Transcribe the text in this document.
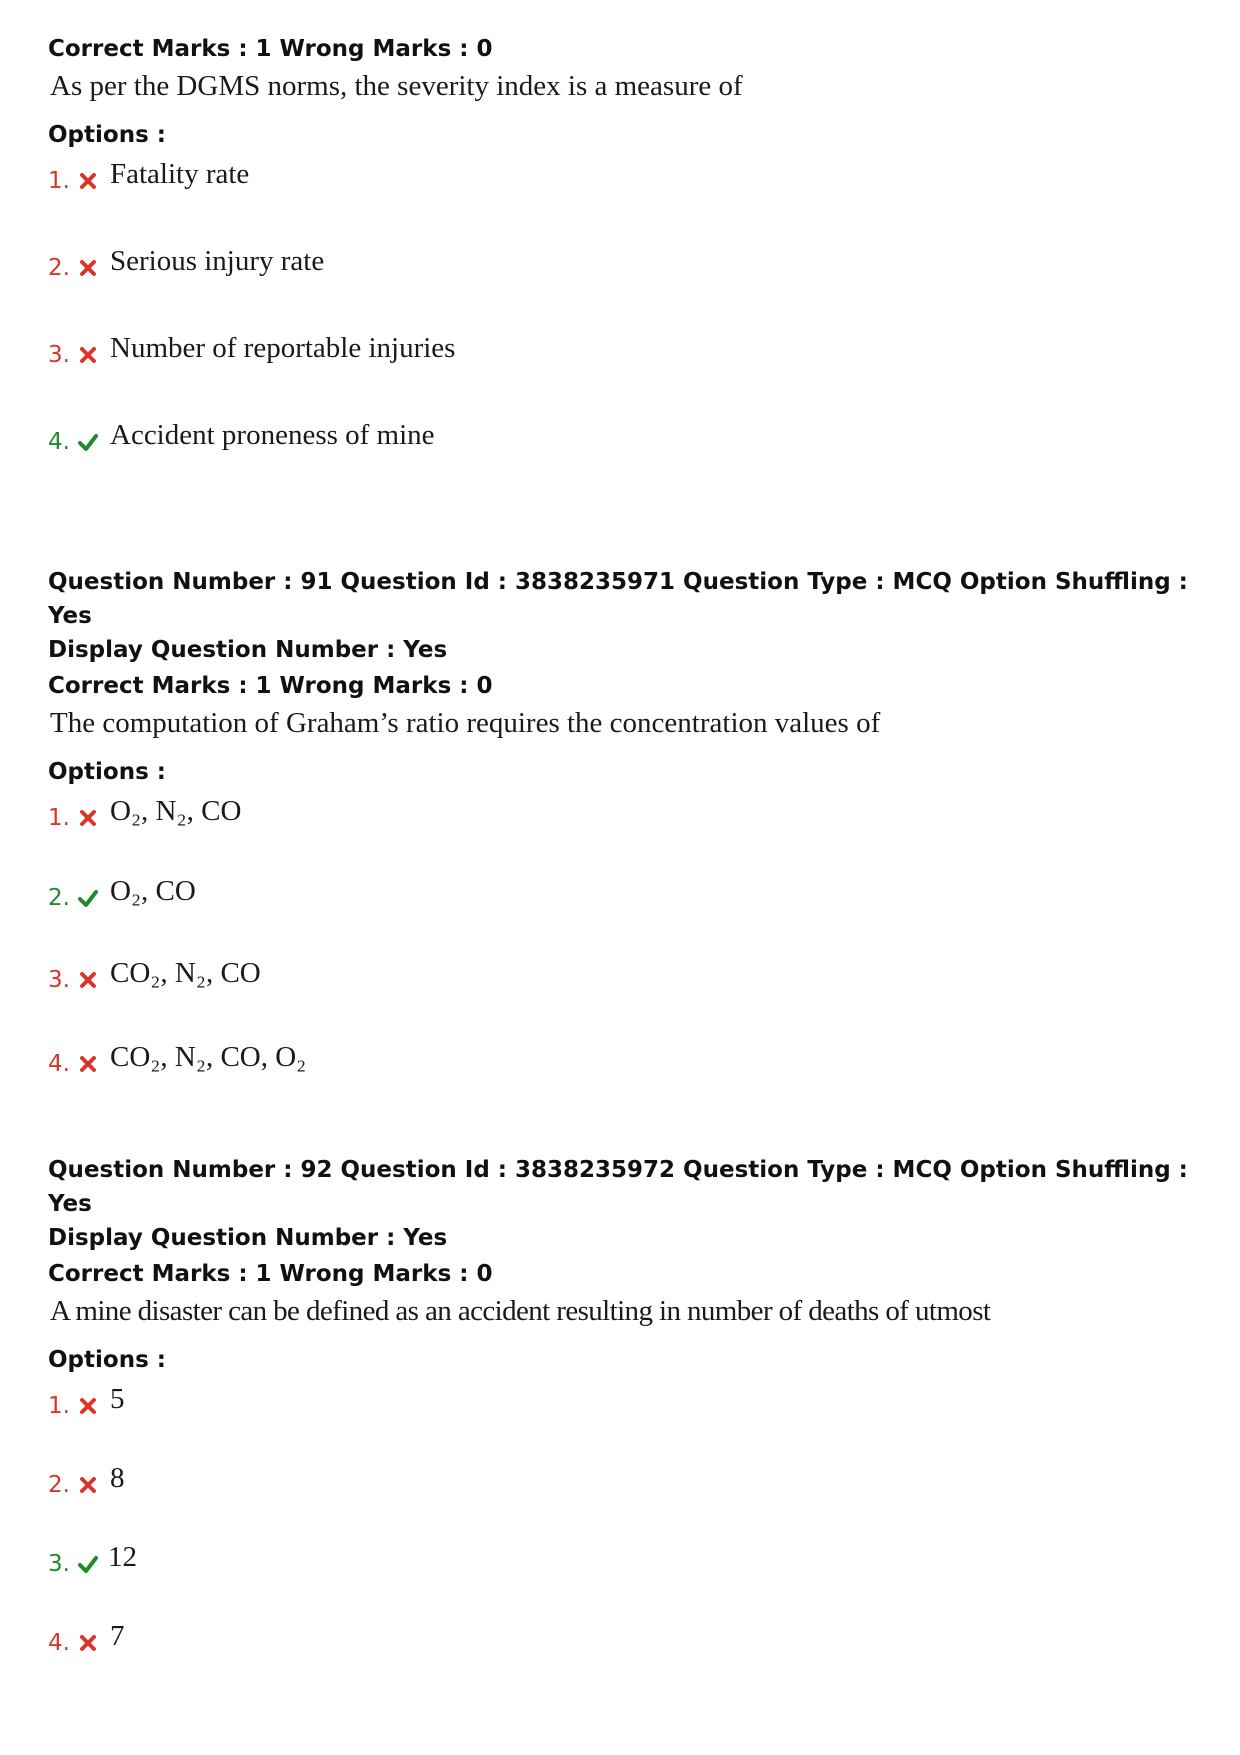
Correct Marks : 1 Wrong Marks : 0

As per the DGMS norms, the severity index is a measure of

Options :
1. Fatality rate
2. Serious injury rate
3. Number of reportable injuries
4. Accident proneness of mine

Question Number : 91 Question Id : 3838235971 Question Type : MCQ Option Shuffling : Yes

Display Question Number : Yes

Correct Marks : 1 Wrong Marks : 0

The computation of Graham’s ratio requires the concentration values of

Options :
1. O₂, N₂, CO
2. O₂, CO
3. CO₂, N₂, CO
4. CO₂, N₂, CO, O₂

Question Number : 92 Question Id : 3838235972 Question Type : MCQ Option Shuffling : Yes

Display Question Number : Yes

Correct Marks : 1 Wrong Marks : 0

A mine disaster can be defined as an accident resulting in number of deaths of utmost

Options :
1. 5
2. 8
3. 12
4. 7
